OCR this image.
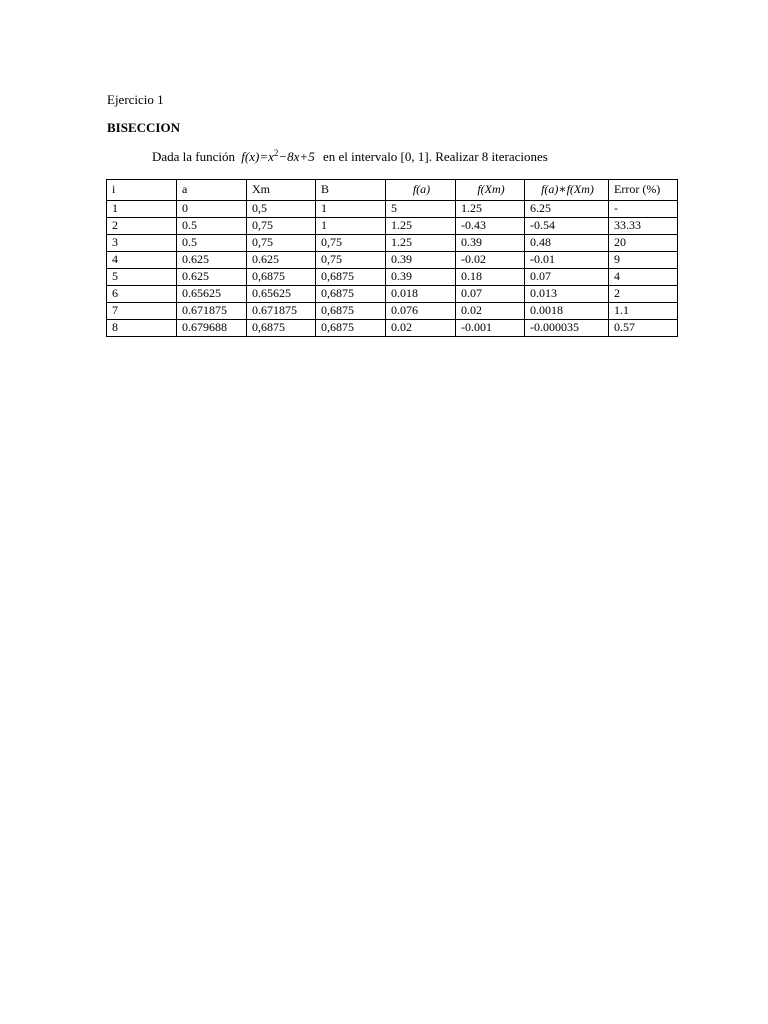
Ejercicio 1
BISECCION
Dada la función $f(x)=x^2-8x+5$ en el intervalo [0, 1]. Realizar 8 iteraciones
i	a	Xm	B	f(a)	f(Xm)	f(a)∗f(Xm)	Error (%)
1	0	0,5	1	5	1.25	6.25	-
2	0.5	0,75	1	1.25	-0.43	-0.54	33.33
3	0.5	0,75	0,75	1.25	0.39	0.48	20
4	0.625	0.625	0,75	0.39	-0.02	-0.01	9
5	0.625	0,6875	0,6875	0.39	0.18	0.07	4
6	0.65625	0.65625	0,6875	0.018	0.07	0.013	2
7	0.671875	0.671875	0,6875	0.076	0.02	0.0018	1.1
8	0.679688	0,6875	0,6875	0.02	-0.001	-0.000035	0.57
